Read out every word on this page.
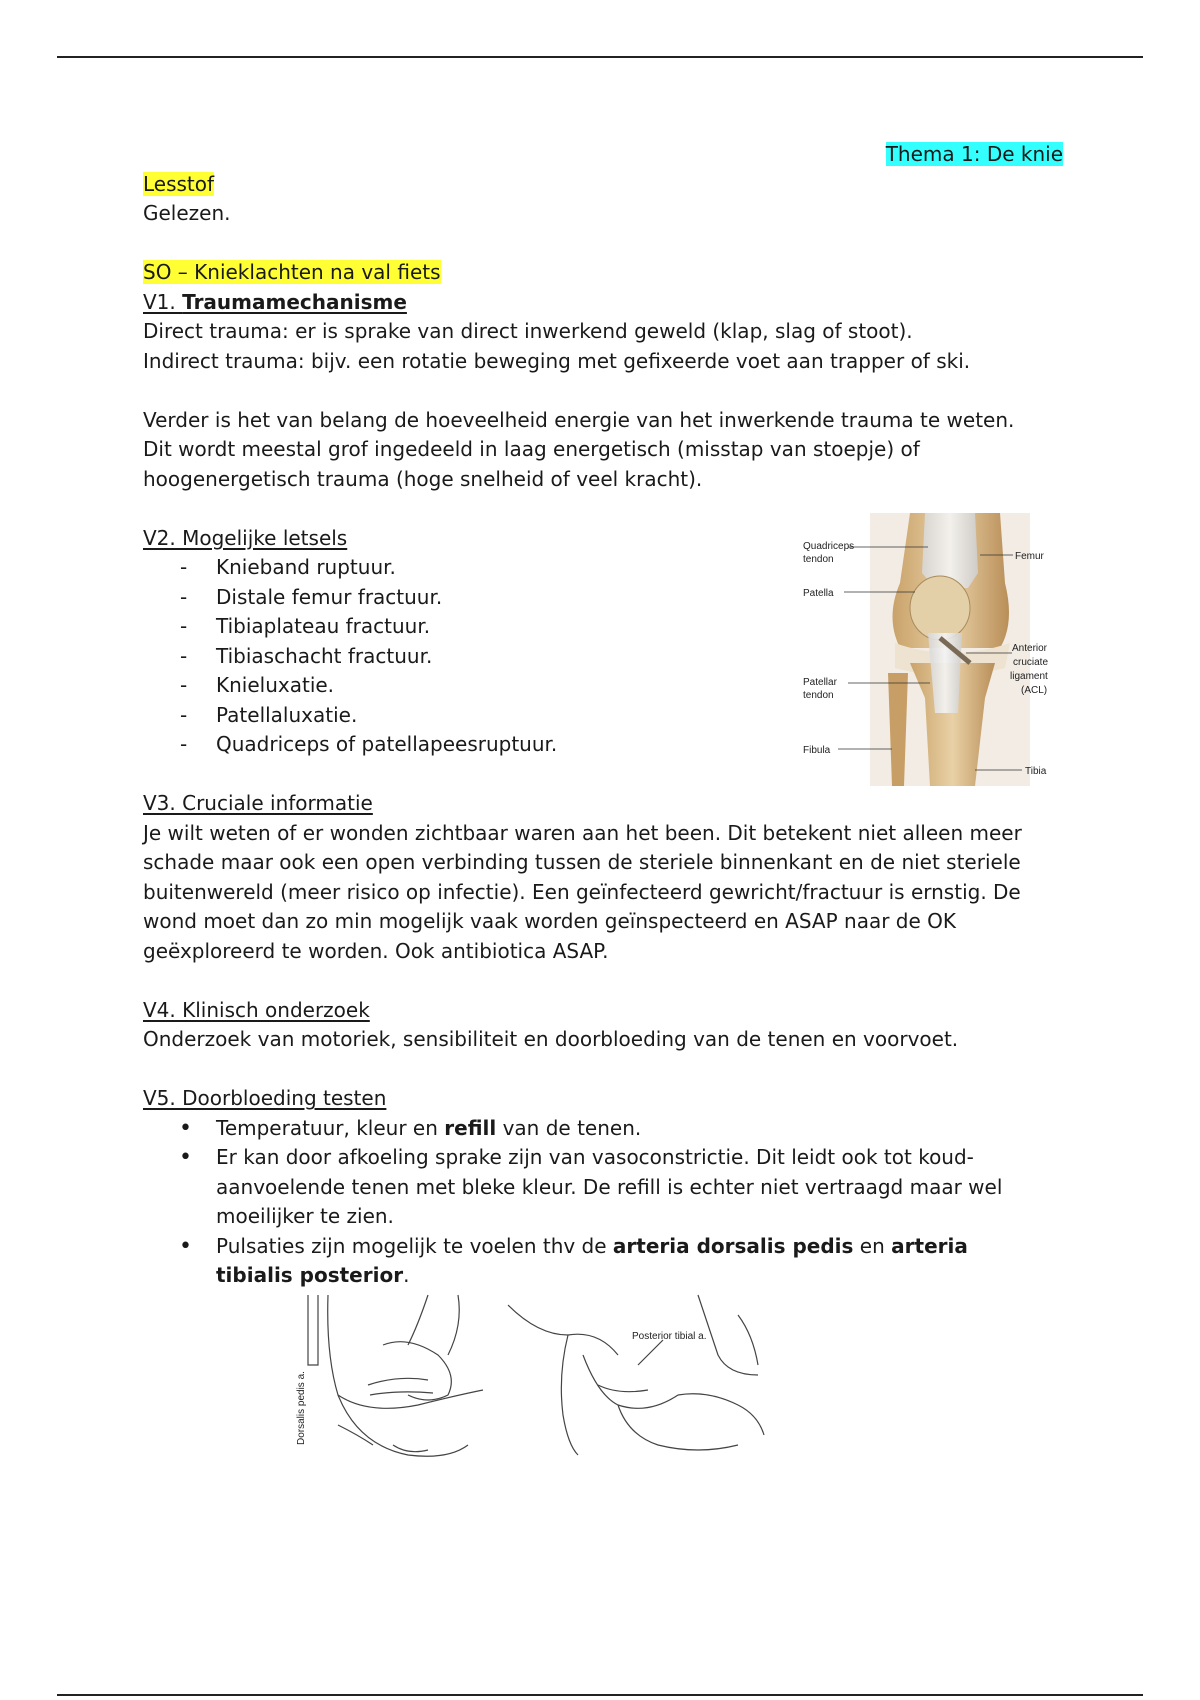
Thema 1: De knie

Lesstof

Gelezen.

SO – Knieklachten na val fiets

V1. Traumamechanisme

Direct trauma: er is sprake van direct inwerkend geweld (klap, slag of stoot).

Indirect trauma: bijv. een rotatie beweging met gefixeerde voet aan trapper of ski.

Verder is het van belang de hoeveelheid energie van het inwerkende trauma te weten. Dit wordt meestal grof ingedeeld in laag energetisch (misstap van stoepje) of hoogenergetisch trauma (hoge snelheid of veel kracht).

V2. Mogelijke letsels

- Knieband ruptuur.
- Distale femur fractuur.
- Tibiaplateau fractuur.
- Tibiaschacht fractuur.
- Knieluxatie.
- Patellaluxatie.
- Quadriceps of patellapeesruptuur.

V3. Cruciale informatie

Je wilt weten of er wonden zichtbaar waren aan het been. Dit betekent niet alleen meer schade maar ook een open verbinding tussen de steriele binnenkant en de niet steriele buitenwereld (meer risico op infectie). Een geïnfecteerd gewricht/fractuur is ernstig. De wond moet dan zo min mogelijk vaak worden geïnspecteerd en ASAP naar de OK geëxploreerd te worden. Ook antibiotica ASAP.

V4. Klinisch onderzoek

Onderzoek van motoriek, sensibiliteit en doorbloeding van de tenen en voorvoet.

V5. Doorbloeding testen

• Temperatuur, kleur en refill van de tenen.
• Er kan door afkoeling sprake zijn van vasoconstrictie. Dit leidt ook tot koud-aanvoelende tenen met bleke kleur. De refill is echter niet vertraagd maar wel moeilijker te zien.
• Pulsaties zijn mogelijk te voelen thv de arteria dorsalis pedis en arteria tibialis posterior.
Quadriceps
tendon	Femur
Patella
Anterior
cruciate
ligament
(ACL)
Patellar
tendon
Fibula
Tibia
Dorsalis pedis a.
Posterior tibial a.
